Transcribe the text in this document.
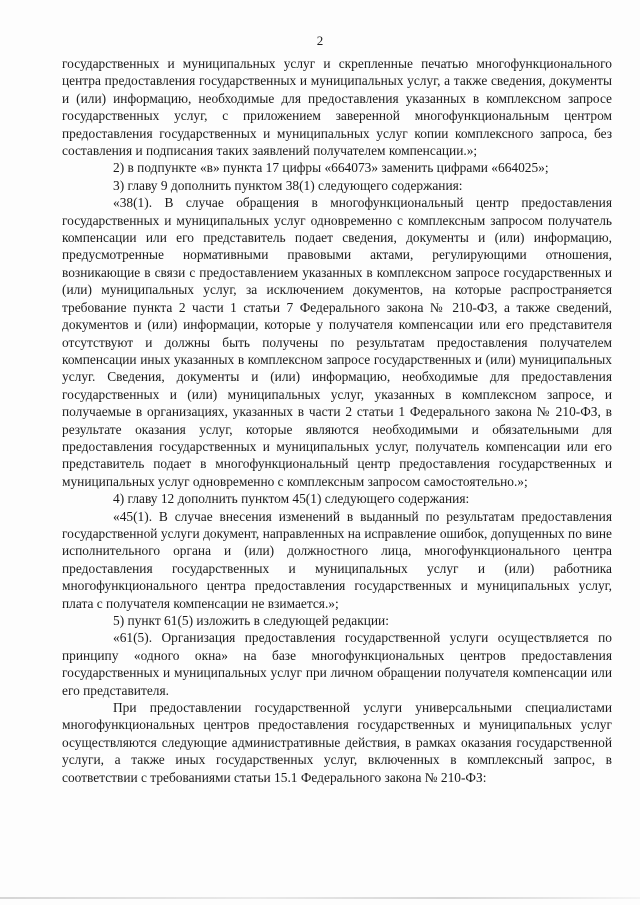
2

государственных и муниципальных услуг и скрепленные печатью многофункционального центра предоставления государственных и муниципальных услуг, а также сведения, документы и (или) информацию, необходимые для предоставления указанных в комплексном запросе государственных услуг, с приложением заверенной многофункциональным центром предоставления государственных и муниципальных услуг копии комплексного запроса, без составления и подписания таких заявлений получателем компенсации.»;

2) в подпункте «в» пункта 17 цифры «664073» заменить цифрами «664025»;

3) главу 9 дополнить пунктом 38(1) следующего содержания:

«38(1). В случае обращения в многофункциональный центр предоставления государственных и муниципальных услуг одновременно с комплексным запросом получатель компенсации или его представитель подает сведения, документы и (или) информацию, предусмотренные нормативными правовыми актами, регулирующими отношения, возникающие в связи с предоставлением указанных в комплексном запросе государственных и (или) муниципальных услуг, за исключением документов, на которые распространяется требование пункта 2 части 1 статьи 7 Федерального закона № 210-ФЗ, а также сведений, документов и (или) информации, которые у получателя компенсации или его представителя отсутствуют и должны быть получены по результатам предоставления получателем компенсации иных указанных в комплексном запросе государственных и (или) муниципальных услуг. Сведения, документы и (или) информацию, необходимые для предоставления государственных и (или) муниципальных услуг, указанных в комплексном запросе, и получаемые в организациях, указанных в части 2 статьи 1 Федерального закона № 210-ФЗ, в результате оказания услуг, которые являются необходимыми и обязательными для предоставления государственных и муниципальных услуг, получатель компенсации или его представитель подает в многофункциональный центр предоставления государственных и муниципальных услуг одновременно с комплексным запросом самостоятельно.»;

4) главу 12 дополнить пунктом 45(1) следующего содержания:

«45(1). В случае внесения изменений в выданный по результатам предоставления государственной услуги документ, направленных на исправление ошибок, допущенных по вине исполнительного органа и (или) должностного лица, многофункционального центра предоставления государственных и муниципальных услуг и (или) работника многофункционального центра предоставления государственных и муниципальных услуг, плата с получателя компенсации не взимается.»;

5) пункт 61(5) изложить в следующей редакции:

«61(5). Организация предоставления государственной услуги осуществляется по принципу «одного окна» на базе многофункциональных центров предоставления государственных и муниципальных услуг при личном обращении получателя компенсации или его представителя.

При предоставлении государственной услуги универсальными специалистами многофункциональных центров предоставления государственных и муниципальных услуг осуществляются следующие административные действия, в рамках оказания государственной услуги, а также иных государственных услуг, включенных в комплексный запрос, в соответствии с требованиями статьи 15.1 Федерального закона № 210-ФЗ:
